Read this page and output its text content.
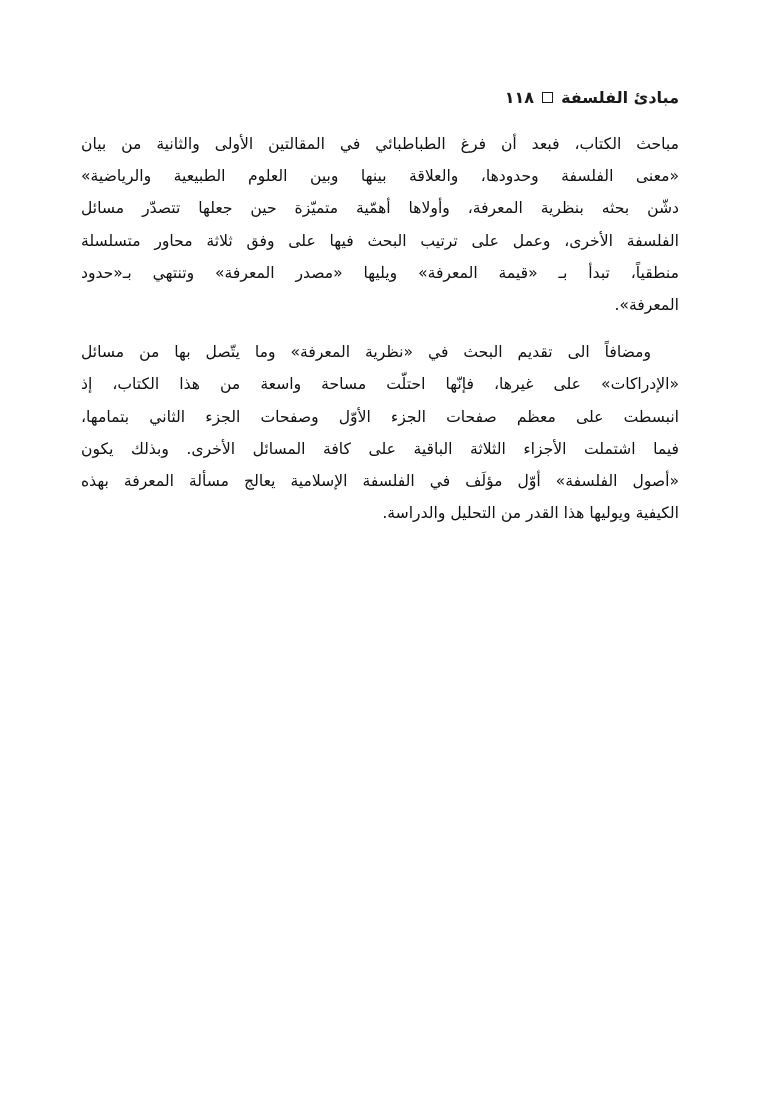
١١٨ مبادئ الفلسفة
مباحث الكتاب، فبعد أن فرغ الطباطبائي في المقالتين الأولى والثانية من بيان
«معنى الفلسفة وحدودها، والعلاقة بينها وبين العلوم الطبيعية والرياضية»
دشّن بحثه بنظرية المعرفة، وأولاها أهمّية متميّزة حين جعلها تتصدّر مسائل
الفلسفة الأخرى، وعمل على ترتيب البحث فيها على وفق ثلاثة محاور متسلسلة
منطقياً، تبدأ بـ «قيمة المعرفة» ويليها «مصدر المعرفة» وتنتهي بـ«حدود
المعرفة».
ومضافاً الى تقديم البحث في «نظرية المعرفة» وما يتّصل بها من مسائل
«الإدراكات» على غيرها، فإنّها احتلّت مساحة واسعة من هذا الكتاب، إذ
انبسطت على معظم صفحات الجزء الأوّل وصفحات الجزء الثاني بتمامها،
فيما اشتملت الأجزاء الثلاثة الباقية على كافة المسائل الأخرى. وبذلك يكون
«أصول الفلسفة» أوّل مؤلَف في الفلسفة الإسلامية يعالج مسألة المعرفة بهذه
الكيفية ويوليها هذا القدر من التحليل والدراسة.
